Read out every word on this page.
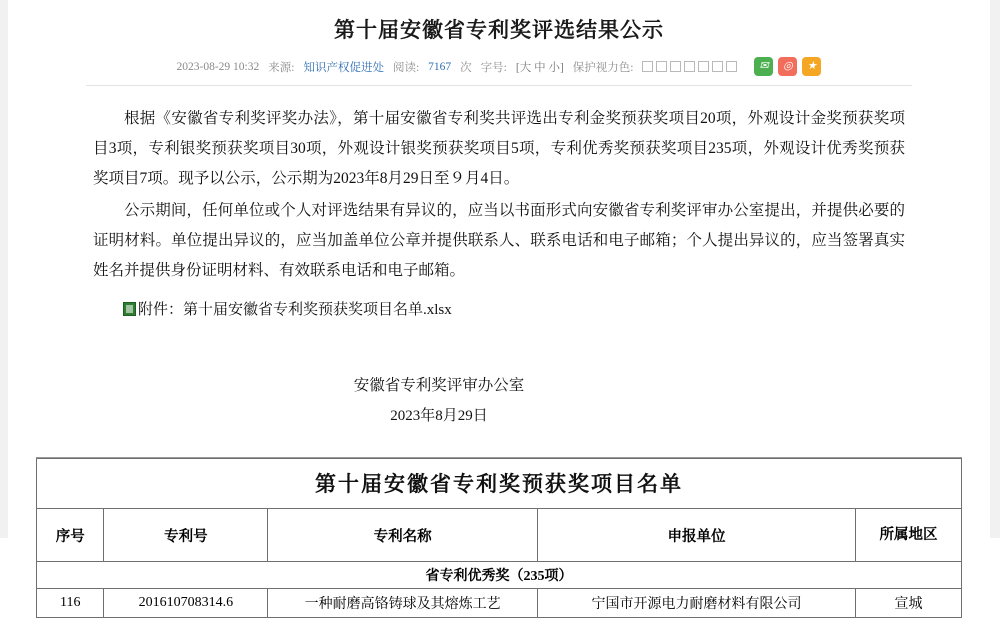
第十届安徽省专利奖评选结果公示
2023-08-29 10:32 来源: 知识产权促进处 阅读: 7167 次 字号: [大 中 小] 保护视力色:	✉	◎	★

根据《安徽省专利奖评奖办法》，第十届安徽省专利奖共评选出专利金奖预获奖项目20项，外观设计金奖预获奖项目3项，专利银奖预获奖项目30项，外观设计银奖预获奖项目5项，专利优秀奖预获奖项目235项，外观设计优秀奖预获奖项目7项。现予以公示，公示期为2023年8月29日至９月4日。

公示期间，任何单位或个人对评选结果有异议的，应当以书面形式向安徽省专利奖评审办公室提出，并提供必要的证明材料。单位提出异议的，应当加盖单位公章并提供联系人、联系电话和电子邮箱；个人提出异议的，应当签署真实姓名并提供身份证明材料、有效联系电话和电子邮箱。

附件：第十届安徽省专利奖预获奖项目名单.xlsx
安徽省专利奖评审办公室
2023年8月29日
第十届安徽省专利奖预获奖项目名单				
序号	专利号	专利名称	申报单位	所属地区
省专利优秀奖（235项）				
116	201610708314.6	一种耐磨高铬铸球及其熔炼工艺	宁国市开源电力耐磨材料有限公司	宣城
